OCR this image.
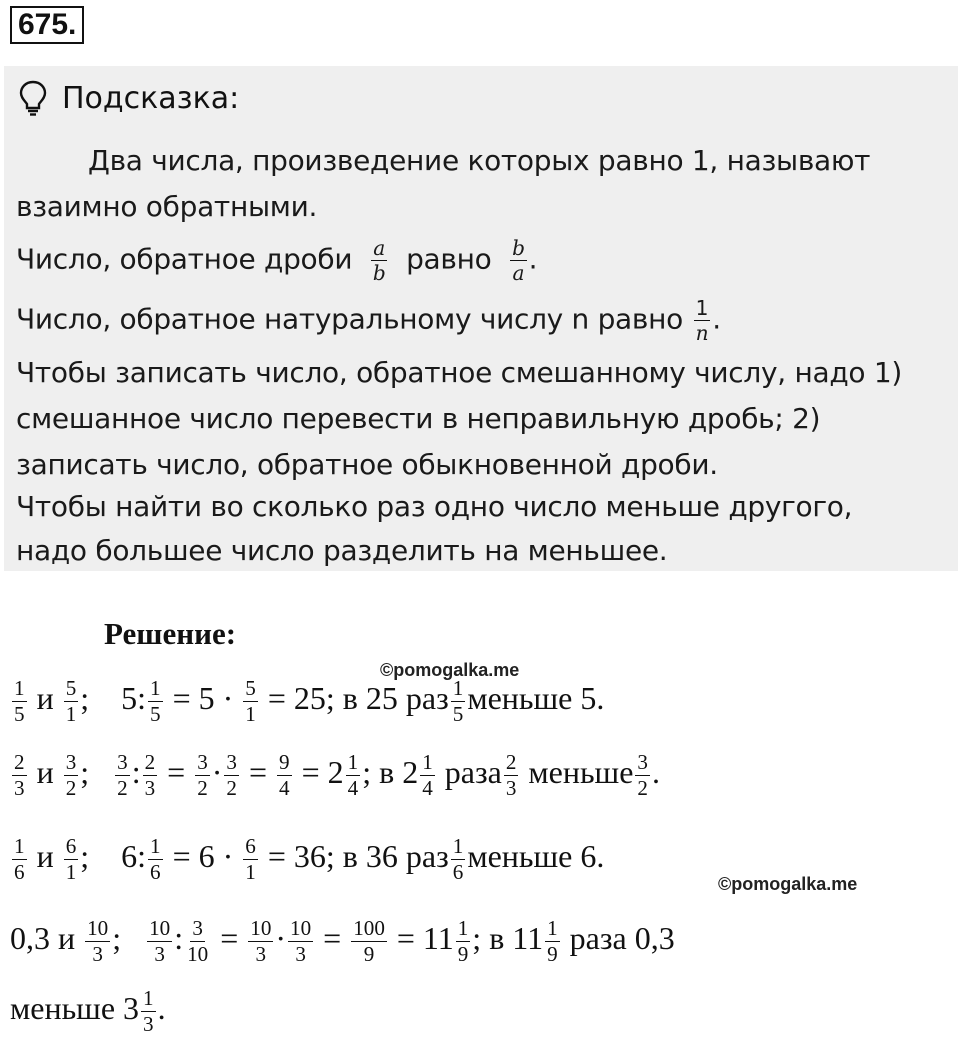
675.
Подсказка:
Два числа, произведение которых равно 1, называют
взаимно обратными.
Число, обратное дроби $\frac{a}{b}$ равно $\frac{b}{a}$ .
Число, обратное натуральному числу n равно $\frac{1}{n}$ .
Чтобы записать число, обратное смешанному числу, надо 1)
смешанное число перевести в неправильную дробь; 2)
записать число, обратное обыкновенной дроби.
Чтобы найти во сколько раз одно число меньше другого,
надо большее число разделить на меньшее.
Решение:
©pomogalka.me
$\frac{1}{5}$ и $\frac{5}{1}$ ;    5: $\frac{1}{5} = 5 \cdot \frac{5}{1} = 25$; в 25 раз $\frac{1}{5}$ меньше 5.
$\frac{2}{3}$ и $\frac{3}{2}$ ; $\frac{3}{2}$ : $\frac{2}{3} = \frac{3}{2} \cdot \frac{3}{2} = \frac{9}{4} = 2 \frac{1}{4}$ ; в $2 \frac{1}{4}$ раза $\frac{2}{3}$ меньше $\frac{3}{2}$ .
$\frac{1}{6}$ и $\frac{6}{1}$ ;    6: $\frac{1}{6} = 6 \cdot \frac{6}{1} = 36$; в 36 раз $\frac{1}{6}$ меньше 6.
©pomogalka.me
0,3 и $\frac{10}{3}$ ; $\frac{10}{3}$ : $\frac{3}{10} = \frac{10}{3} \cdot \frac{10}{3} = \frac{100}{9} = 11 \frac{1}{9}$ ; в $11 \frac{1}{9}$ раза 0,3
меньше $3 \frac{1}{3}$ .
